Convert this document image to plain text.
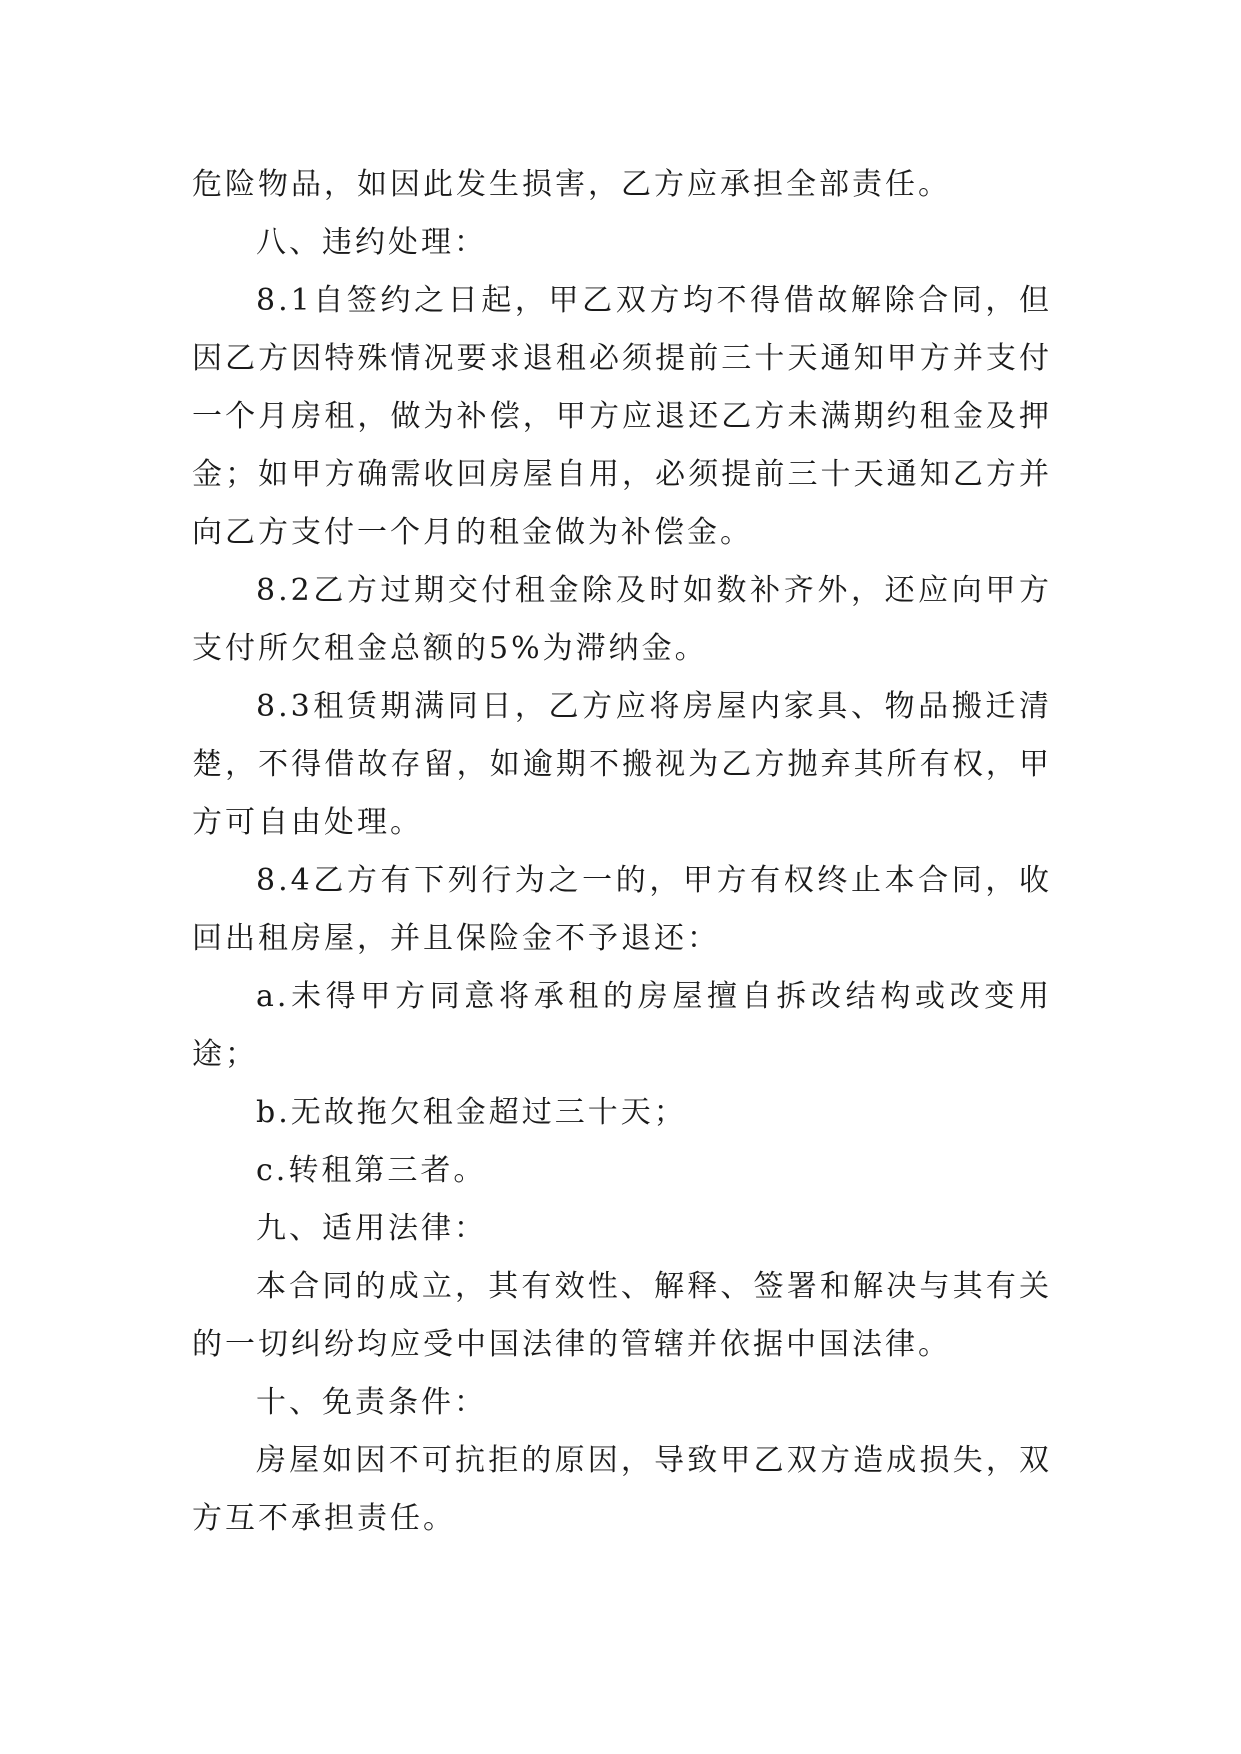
危险物品，如因此发生损害，乙方应承担全部责任。

八、违约处理：

8.1自签约之日起，甲乙双方均不得借故解除合同，但因乙方因特殊情况要求退租必须提前三十天通知甲方并支付一个月房租，做为补偿，甲方应退还乙方未满期约租金及押金；如甲方确需收回房屋自用，必须提前三十天通知乙方并向乙方支付一个月的租金做为补偿金。

8.2乙方过期交付租金除及时如数补齐外，还应向甲方支付所欠租金总额的5%为滞纳金。

8.3租赁期满同日，乙方应将房屋内家具、物品搬迁清楚，不得借故存留，如逾期不搬视为乙方抛弃其所有权，甲方可自由处理。

8.4乙方有下列行为之一的，甲方有权终止本合同，收回出租房屋，并且保险金不予退还：

a.未得甲方同意将承租的房屋擅自拆改结构或改变用途；

b.无故拖欠租金超过三十天；

c.转租第三者。

九、适用法律：

本合同的成立，其有效性、解释、签署和解决与其有关的一切纠纷均应受中国法律的管辖并依据中国法律。

十、免责条件：

房屋如因不可抗拒的原因，导致甲乙双方造成损失，双方互不承担责任。
